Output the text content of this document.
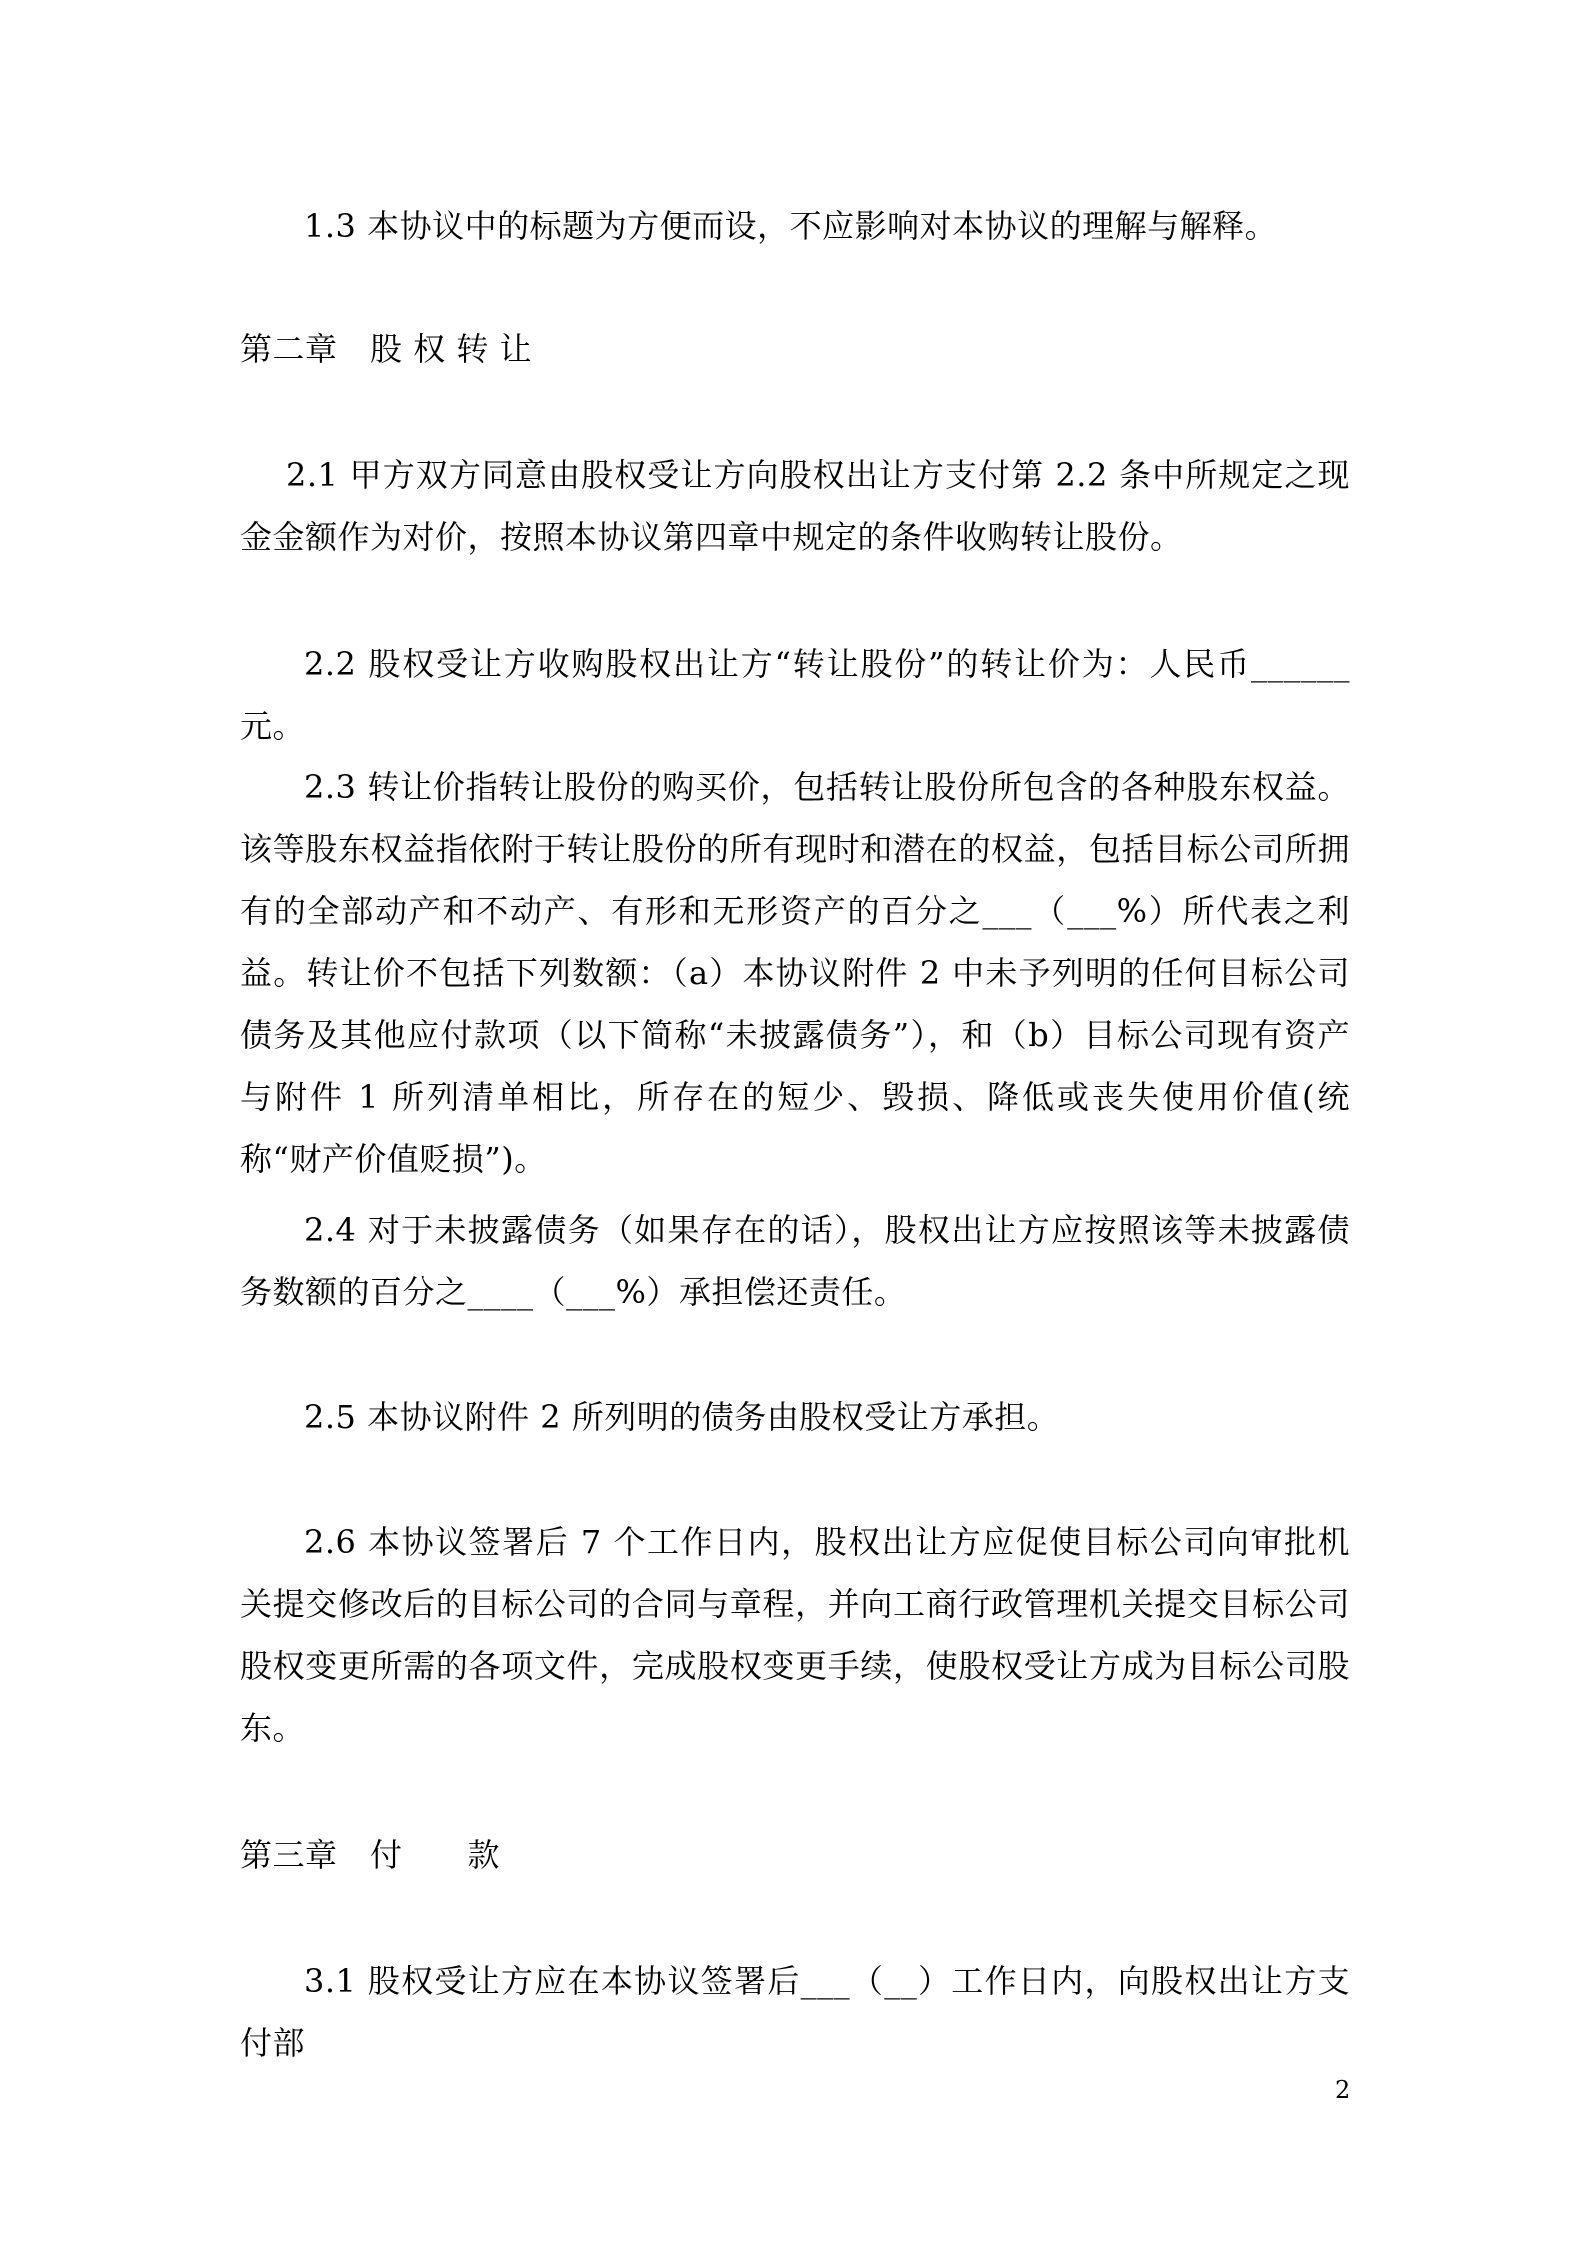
1.3 本协议中的标题为方便而设，不应影响对本协议的理解与解释。
第二章　股 权 转 让
2.1 甲方双方同意由股权受让方向股权出让方支付第 2.2 条中所规定之现金金额作为对价，按照本协议第四章中规定的条件收购转让股份。
2.2 股权受让方收购股权出让方“转让股份”的转让价为：人民币______元。
2.3 转让价指转让股份的购买价，包括转让股份所包含的各种股东权益。该等股东权益指依附于转让股份的所有现时和潜在的权益，包括目标公司所拥有的全部动产和不动产、有形和无形资产的百分之___（___%）所代表之利益。转让价不包括下列数额：（a）本协议附件 2 中未予列明的任何目标公司债务及其他应付款项（以下简称“未披露债务”），和（b）目标公司现有资产与附件 1 所列清单相比，所存在的短少、毁损、降低或丧失使用价值(统称“财产价值贬损”)。
2.4 对于未披露债务（如果存在的话），股权出让方应按照该等未披露债务数额的百分之____（___%）承担偿还责任。
2.5 本协议附件 2 所列明的债务由股权受让方承担。
2.6 本协议签署后 7 个工作日内，股权出让方应促使目标公司向审批机关提交修改后的目标公司的合同与章程，并向工商行政管理机关提交目标公司股权变更所需的各项文件，完成股权变更手续，使股权受让方成为目标公司股东。
第三章　付　　款
3.1 股权受让方应在本协议签署后___（__）工作日内，向股权出让方支付部
2
